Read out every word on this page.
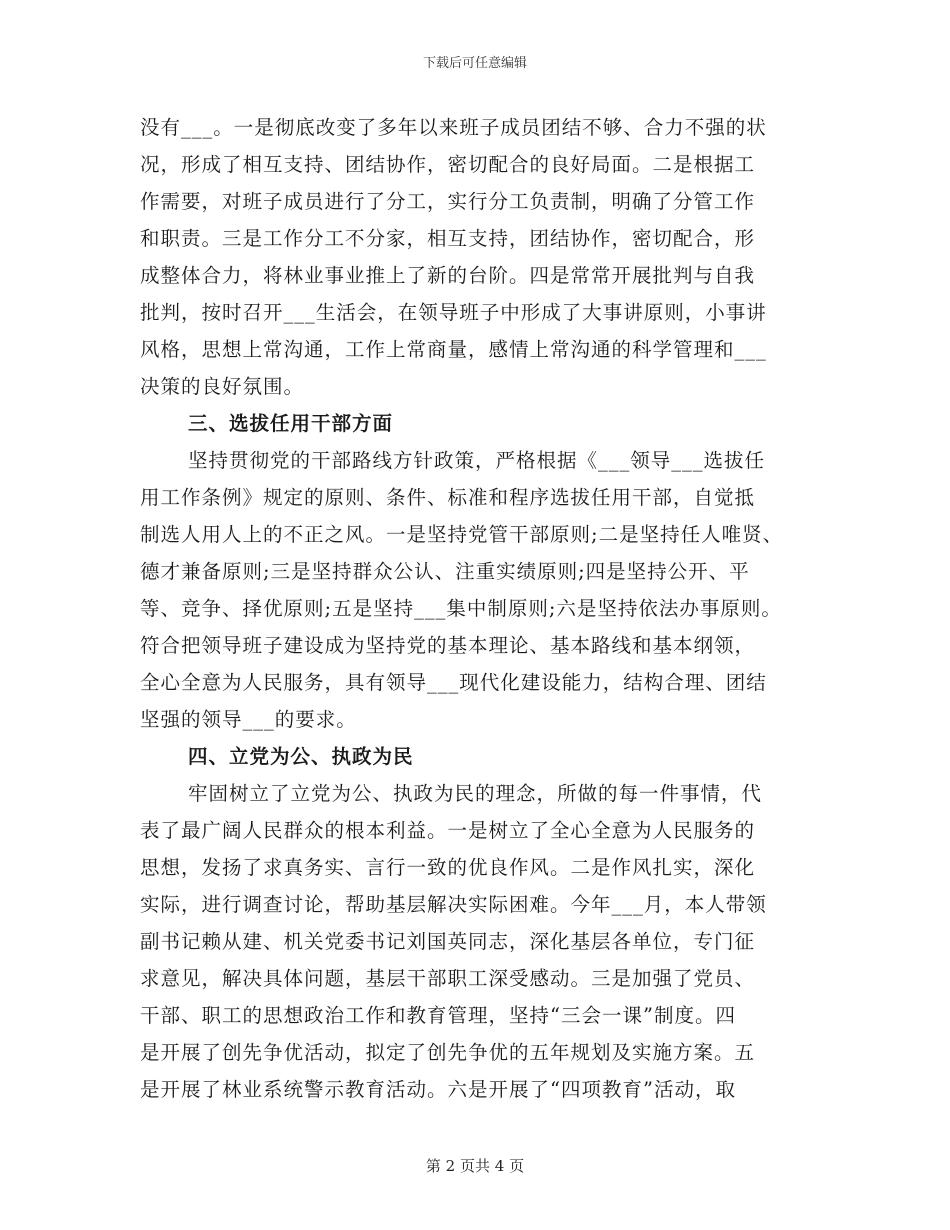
下载后可任意编辑
没有___。一是彻底改变了多年以来班子成员团结不够、合力不强的状
况，形成了相互支持、团结协作，密切配合的良好局面。二是根据工
作需要，对班子成员进行了分工，实行分工负责制，明确了分管工作
和职责。三是工作分工不分家，相互支持，团结协作，密切配合，形
成整体合力，将林业事业推上了新的台阶。四是常常开展批判与自我
批判，按时召开___生活会，在领导班子中形成了大事讲原则，小事讲
风格，思想上常沟通，工作上常商量，感情上常沟通的科学管理和___
决策的良好氛围。
三、选拔任用干部方面
坚持贯彻党的干部路线方针政策，严格根据《___领导___选拔任
用工作条例》规定的原则、条件、标准和程序选拔任用干部，自觉抵
制选人用人上的不正之风。一是坚持党管干部原则;二是坚持任人唯贤、
德才兼备原则;三是坚持群众公认、注重实绩原则;四是坚持公开、平
等、竞争、择优原则;五是坚持___集中制原则;六是坚持依法办事原则。
符合把领导班子建设成为坚持党的基本理论、基本路线和基本纲领，
全心全意为人民服务，具有领导___现代化建设能力，结构合理、团结
坚强的领导___的要求。
四、立党为公、执政为民
牢固树立了立党为公、执政为民的理念，所做的每一件事情，代
表了最广阔人民群众的根本利益。一是树立了全心全意为人民服务的
思想，发扬了求真务实、言行一致的优良作风。二是作风扎实，深化
实际，进行调查讨论，帮助基层解决实际困难。今年___月，本人带领
副书记赖从建、机关党委书记刘国英同志，深化基层各单位，专门征
求意见，解决具体问题，基层干部职工深受感动。三是加强了党员、
干部、职工的思想政治工作和教育管理，坚持“三会一课”制度。四
是开展了创先争优活动，拟定了创先争优的五年规划及实施方案。五
是开展了林业系统警示教育活动。六是开展了“四项教育”活动，取
第 2 页共 4 页
